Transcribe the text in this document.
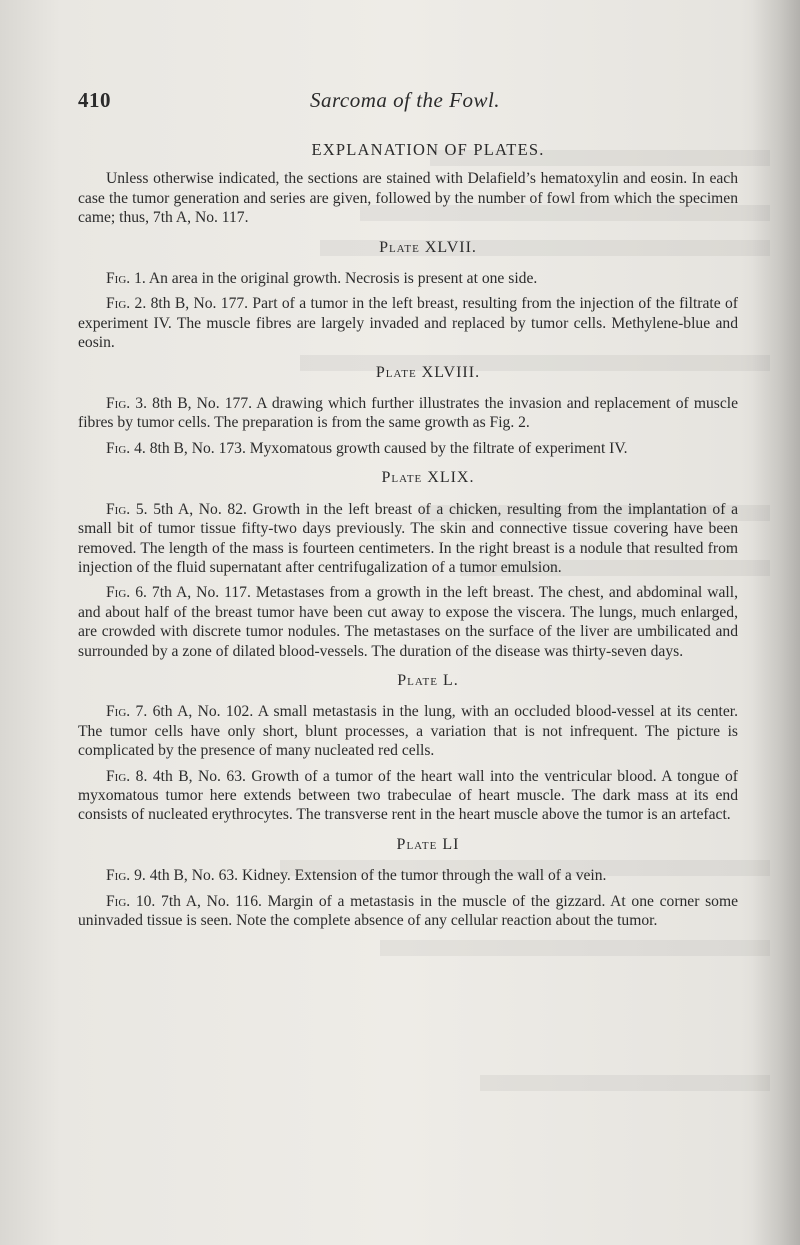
410	Sarcoma of the Fowl.
EXPLANATION OF PLATES.

Unless otherwise indicated, the sections are stained with Delafield’s hematoxylin and eosin. In each case the tumor generation and series are given, followed by the number of fowl from which the specimen came; thus, 7th A, No. 117.

Plate XLVII.

Fig. 1. An area in the original growth. Necrosis is present at one side.

Fig. 2. 8th B, No. 177. Part of a tumor in the left breast, resulting from the injection of the filtrate of experiment IV. The muscle fibres are largely invaded and replaced by tumor cells. Methylene-blue and eosin.

Plate XLVIII.

Fig. 3. 8th B, No. 177. A drawing which further illustrates the invasion and replacement of muscle fibres by tumor cells. The preparation is from the same growth as Fig. 2.

Fig. 4. 8th B, No. 173. Myxomatous growth caused by the filtrate of experiment IV.

Plate XLIX.

Fig. 5. 5th A, No. 82. Growth in the left breast of a chicken, resulting from the implantation of a small bit of tumor tissue fifty-two days previously. The skin and connective tissue covering have been removed. The length of the mass is fourteen centimeters. In the right breast is a nodule that resulted from injection of the fluid supernatant after centrifugalization of a tumor emulsion.

Fig. 6. 7th A, No. 117. Metastases from a growth in the left breast. The chest, and abdominal wall, and about half of the breast tumor have been cut away to expose the viscera. The lungs, much enlarged, are crowded with discrete tumor nodules. The metastases on the surface of the liver are umbilicated and surrounded by a zone of dilated blood-vessels. The duration of the disease was thirty-seven days.

Plate L.

Fig. 7. 6th A, No. 102. A small metastasis in the lung, with an occluded blood-vessel at its center. The tumor cells have only short, blunt processes, a variation that is not infrequent. The picture is complicated by the presence of many nucleated red cells.

Fig. 8. 4th B, No. 63. Growth of a tumor of the heart wall into the ventricular blood. A tongue of myxomatous tumor here extends between two trabeculae of heart muscle. The dark mass at its end consists of nucleated erythrocytes. The transverse rent in the heart muscle above the tumor is an artefact.

Plate LI

Fig. 9. 4th B, No. 63. Kidney. Extension of the tumor through the wall of a vein.

Fig. 10. 7th A, No. 116. Margin of a metastasis in the muscle of the gizzard. At one corner some uninvaded tissue is seen. Note the complete absence of any cellular reaction about the tumor.
